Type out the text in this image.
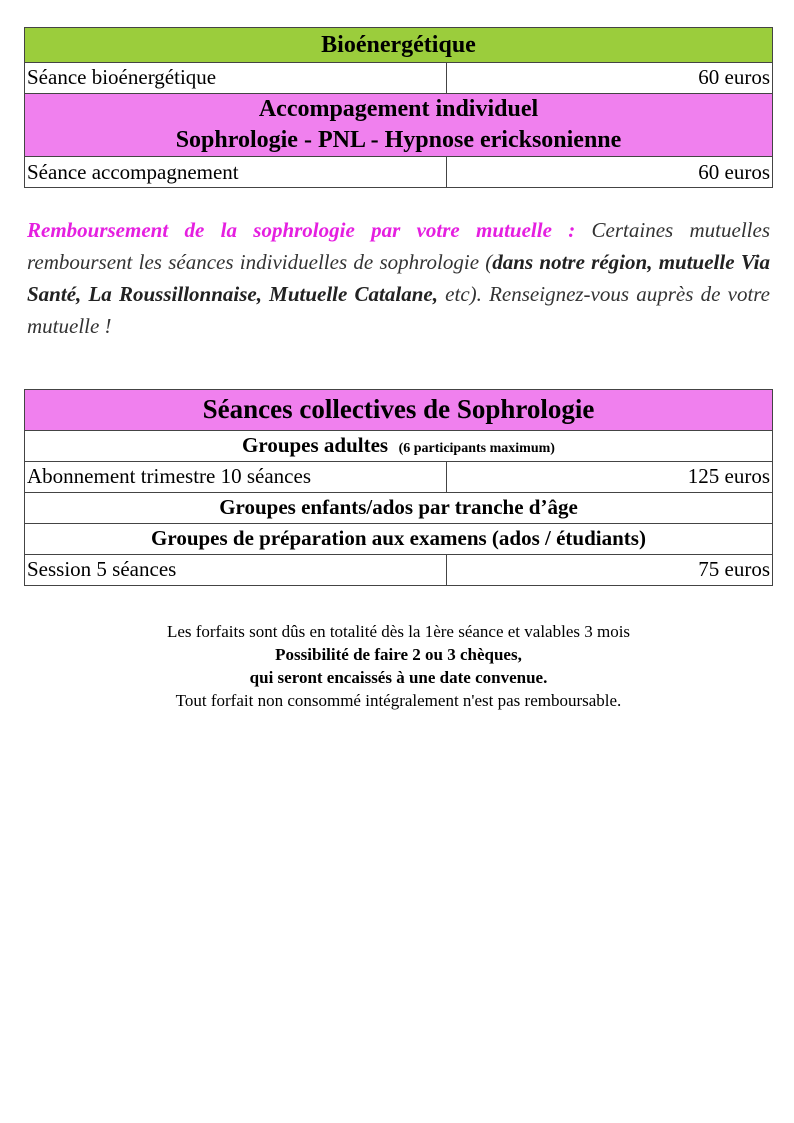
Bioénergétique	
Séance bioénergétique	60 euros
Accompagement individuel
Sophrologie - PNL - Hypnose ericksonienne	
Séance accompagnement	60 euros
Remboursement de la sophrologie par votre mutuelle : Certaines mutuelles remboursent les séances individuelles de sophrologie (dans notre région, mutuelle Via Santé, La Roussillonnaise, Mutuelle Catalane, etc). Renseignez-vous auprès de votre mutuelle !
Séances collectives de Sophrologie	
Groupes adultes (6 participants maximum)	
Abonnement trimestre 10 séances	125 euros
Groupes enfants/ados par tranche d’âge	
Groupes de préparation aux examens (ados / étudiants)	
Session 5 séances	75 euros
Les forfaits sont dûs en totalité dès la 1ère séance et valables 3 mois
Possibilité de faire 2 ou 3 chèques,
qui seront encaissés à une date convenue.
Tout forfait non consommé intégralement n'est pas remboursable.
